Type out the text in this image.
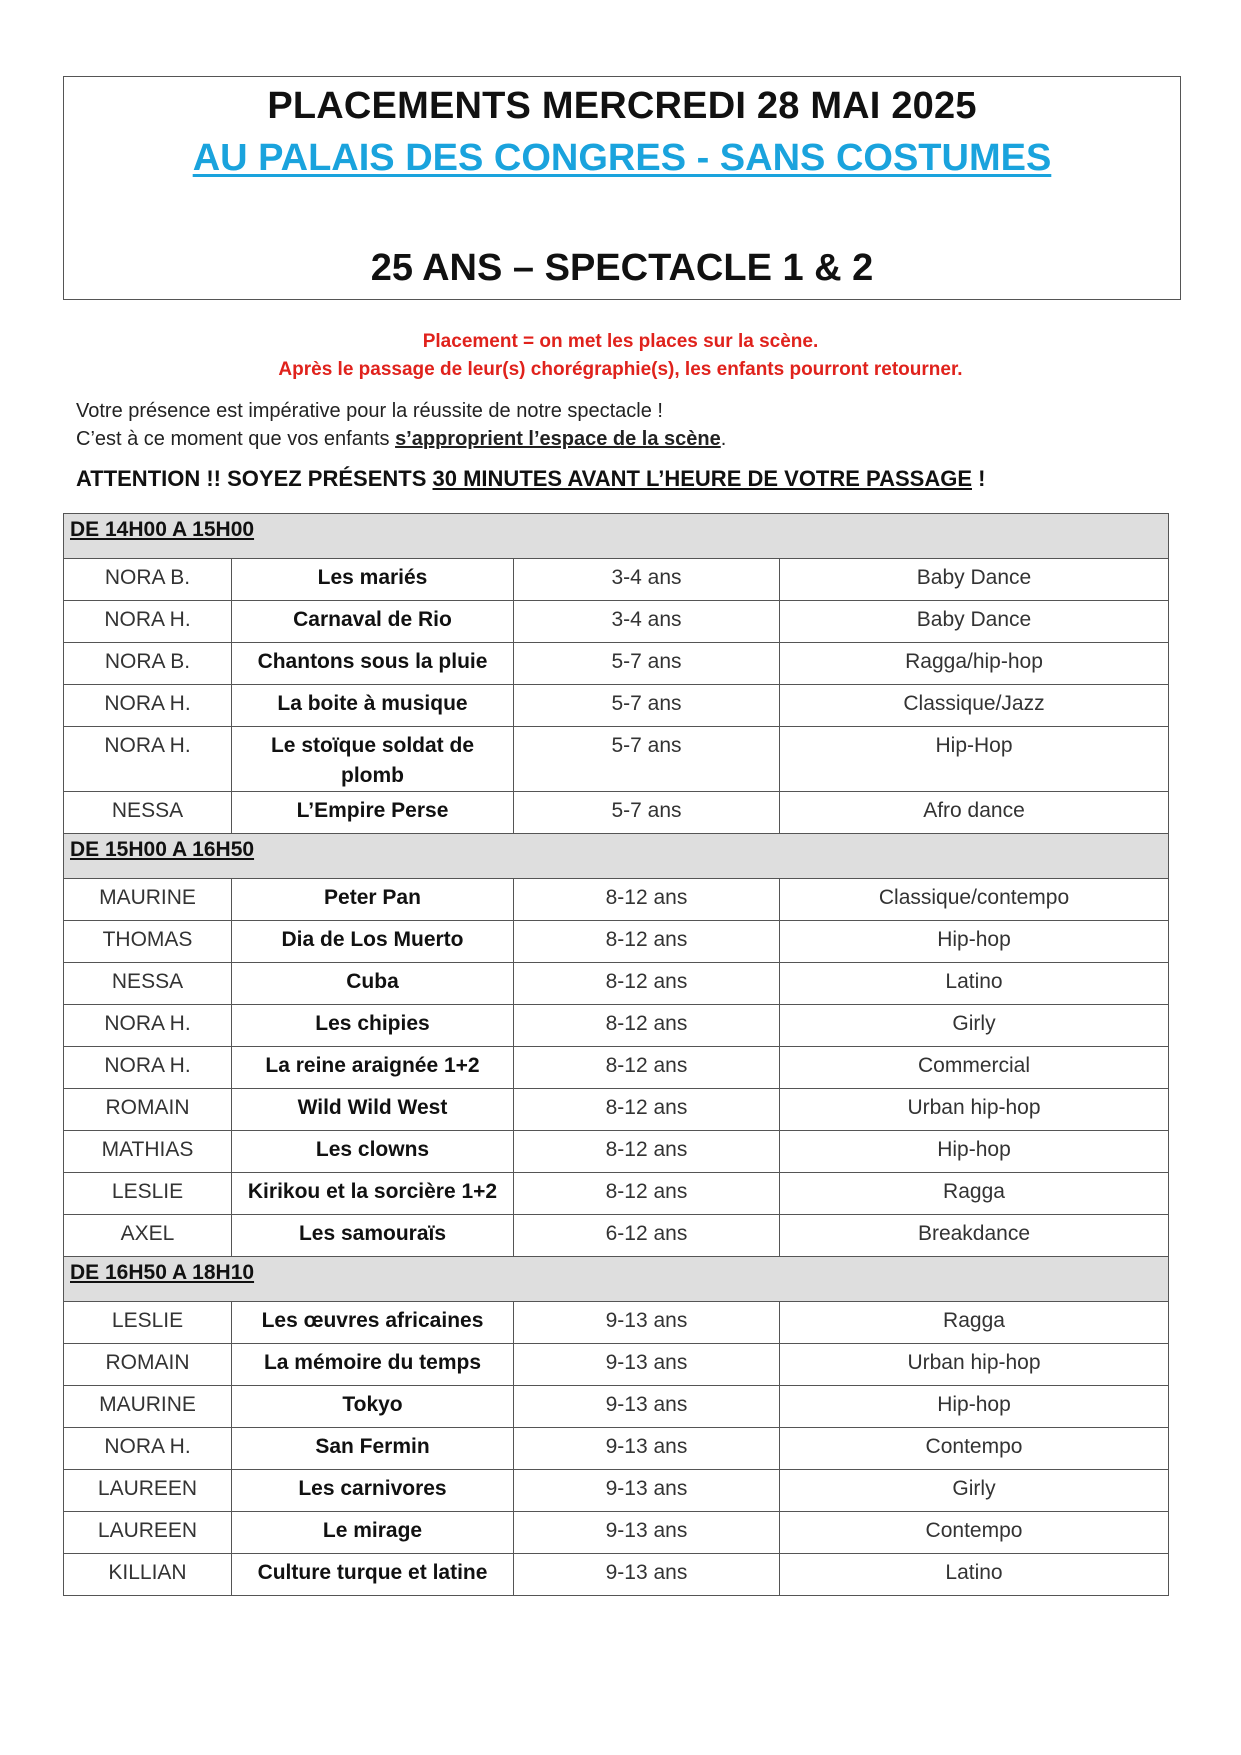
PLACEMENTS MERCREDI 28 MAI 2025
AU PALAIS DES CONGRES - SANS COSTUMES
25 ANS – SPECTACLE 1 & 2
Placement = on met les places sur la scène.
Après le passage de leur(s) chorégraphie(s), les enfants pourront retourner.
Votre présence est impérative pour la réussite de notre spectacle !
C’est à ce moment que vos enfants s’approprient l’espace de la scène.
ATTENTION !! SOYEZ PRÉSENTS 30 MINUTES AVANT L’HEURE DE VOTRE PASSAGE !
DE 14H00 A 15H00			
NORA B.	Les mariés	3-4 ans	Baby Dance
NORA H.	Carnaval de Rio	3-4 ans	Baby Dance
NORA B.	Chantons sous la pluie	5-7 ans	Ragga/hip-hop
NORA H.	La boite à musique	5-7 ans	Classique/Jazz
NORA H.	Le stoïque soldat de plomb	5-7 ans	Hip-Hop
NESSA	L’Empire Perse	5-7 ans	Afro dance
DE 15H00 A 16H50			
MAURINE	Peter Pan	8-12 ans	Classique/contempo
THOMAS	Dia de Los Muerto	8-12 ans	Hip-hop
NESSA	Cuba	8-12 ans	Latino
NORA H.	Les chipies	8-12 ans	Girly
NORA H.	La reine araignée 1+2	8-12 ans	Commercial
ROMAIN	Wild Wild West	8-12 ans	Urban hip-hop
MATHIAS	Les clowns	8-12 ans	Hip-hop
LESLIE	Kirikou et la sorcière 1+2	8-12 ans	Ragga
AXEL	Les samouraïs	6-12 ans	Breakdance
DE 16H50 A 18H10			
LESLIE	Les œuvres africaines	9-13 ans	Ragga
ROMAIN	La mémoire du temps	9-13 ans	Urban hip-hop
MAURINE	Tokyo	9-13 ans	Hip-hop
NORA H.	San Fermin	9-13 ans	Contempo
LAUREEN	Les carnivores	9-13 ans	Girly
LAUREEN	Le mirage	9-13 ans	Contempo
KILLIAN	Culture turque et latine	9-13 ans	Latino
